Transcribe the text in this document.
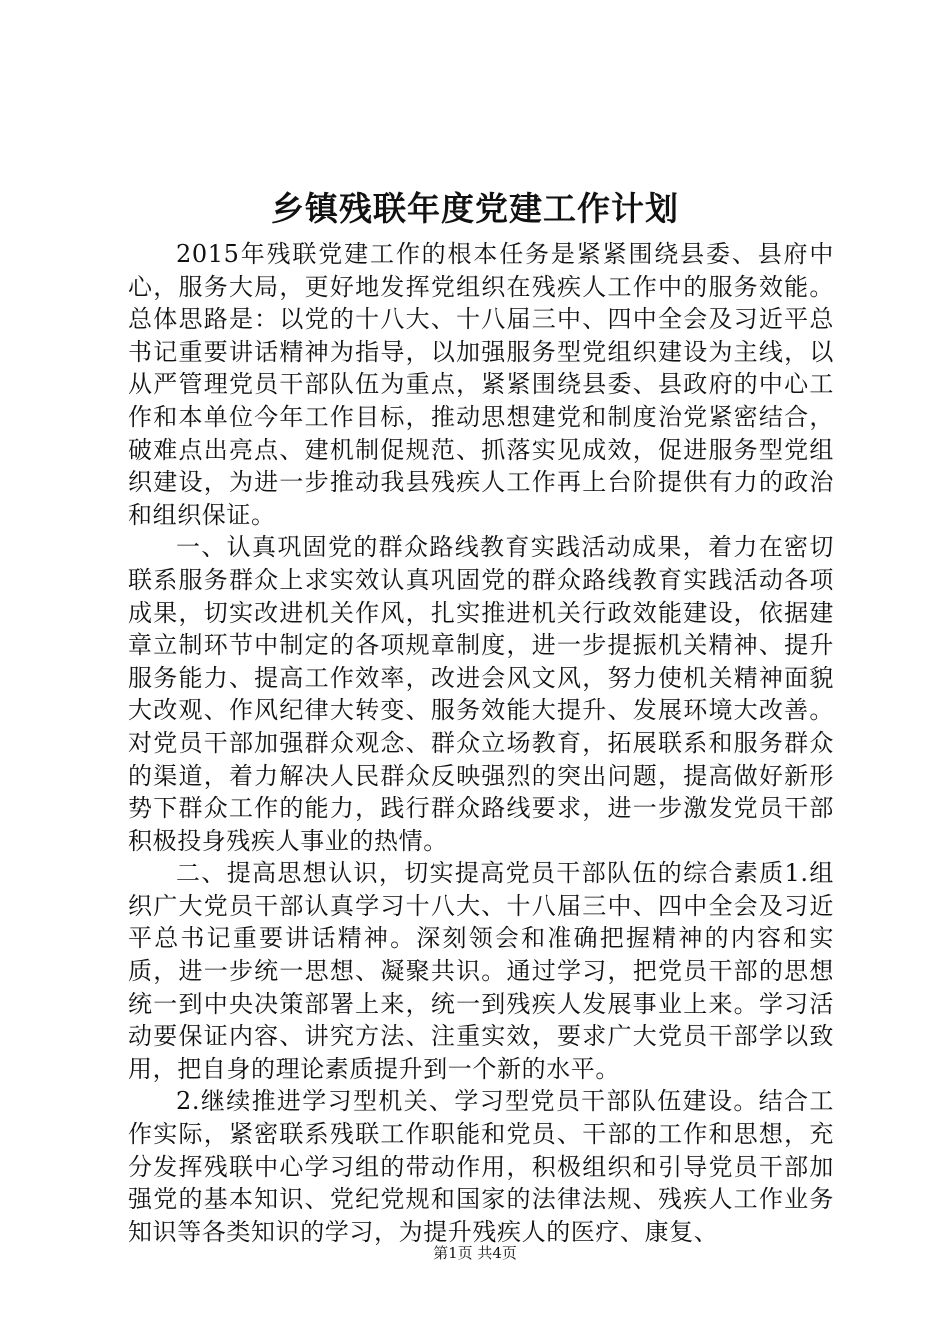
乡镇残联年度党建工作计划

2015年残联党建工作的根本任务是紧紧围绕县委、县府中心，服务大局，更好地发挥党组织在残疾人工作中的服务效能。总体思路是：以党的十八大、十八届三中、四中全会及习近平总书记重要讲话精神为指导，以加强服务型党组织建设为主线，以从严管理党员干部队伍为重点，紧紧围绕县委、县政府的中心工作和本单位今年工作目标，推动思想建党和制度治党紧密结合，破难点出亮点、建机制促规范、抓落实见成效，促进服务型党组织建设，为进一步推动我县残疾人工作再上台阶提供有力的政治和组织保证。

一、认真巩固党的群众路线教育实践活动成果，着力在密切联系服务群众上求实效认真巩固党的群众路线教育实践活动各项成果，切实改进机关作风，扎实推进机关行政效能建设，依据建章立制环节中制定的各项规章制度，进一步提振机关精神、提升服务能力、提高工作效率，改进会风文风，努力使机关精神面貌大改观、作风纪律大转变、服务效能大提升、发展环境大改善。对党员干部加强群众观念、群众立场教育，拓展联系和服务群众的渠道，着力解决人民群众反映强烈的突出问题，提高做好新形势下群众工作的能力，践行群众路线要求，进一步激发党员干部积极投身残疾人事业的热情。

二、提高思想认识，切实提高党员干部队伍的综合素质1.组织广大党员干部认真学习十八大、十八届三中、四中全会及习近平总书记重要讲话精神。深刻领会和准确把握精神的内容和实质，进一步统一思想、凝聚共识。通过学习，把党员干部的思想统一到中央决策部署上来，统一到残疾人发展事业上来。学习活动要保证内容、讲究方法、注重实效，要求广大党员干部学以致用，把自身的理论素质提升到一个新的水平。

2.继续推进学习型机关、学习型党员干部队伍建设。结合工作实际，紧密联系残联工作职能和党员、干部的工作和思想，充分发挥残联中心学习组的带动作用，积极组织和引导党员干部加强党的基本知识、党纪党规和国家的法律法规、残疾人工作业务知识等各类知识的学习，为提升残疾人的医疗、康复、

第1页 共4页
